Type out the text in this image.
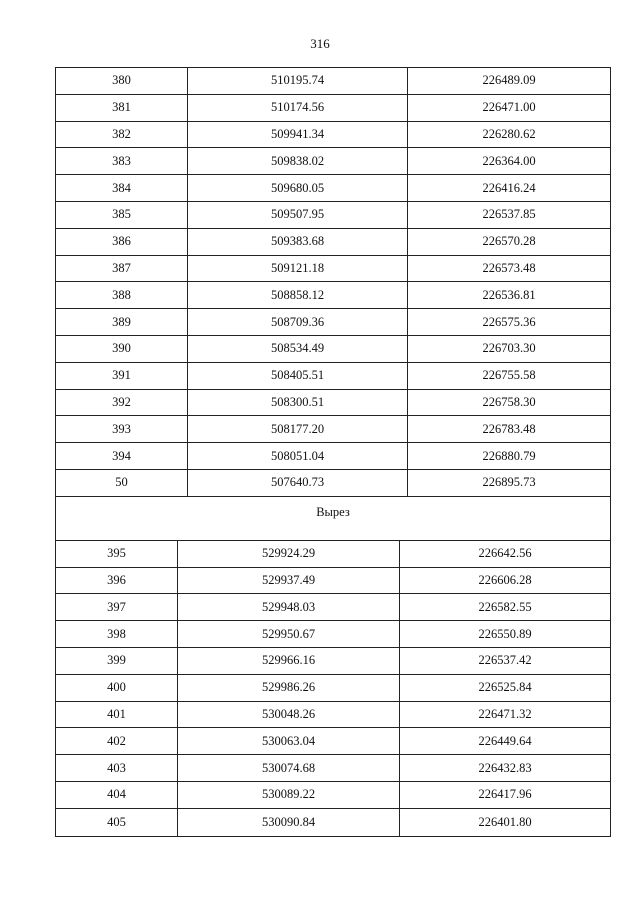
316
380	510195.74	226489.09
381	510174.56	226471.00
382	509941.34	226280.62
383	509838.02	226364.00
384	509680.05	226416.24
385	509507.95	226537.85
386	509383.68	226570.28
387	509121.18	226573.48
388	508858.12	226536.81
389	508709.36	226575.36
390	508534.49	226703.30
391	508405.51	226755.58
392	508300.51	226758.30
393	508177.20	226783.48
394	508051.04	226880.79
50	507640.73	226895.73
Вырез
395	529924.29	226642.56
396	529937.49	226606.28
397	529948.03	226582.55
398	529950.67	226550.89
399	529966.16	226537.42
400	529986.26	226525.84
401	530048.26	226471.32
402	530063.04	226449.64
403	530074.68	226432.83
404	530089.22	226417.96
405	530090.84	226401.80
